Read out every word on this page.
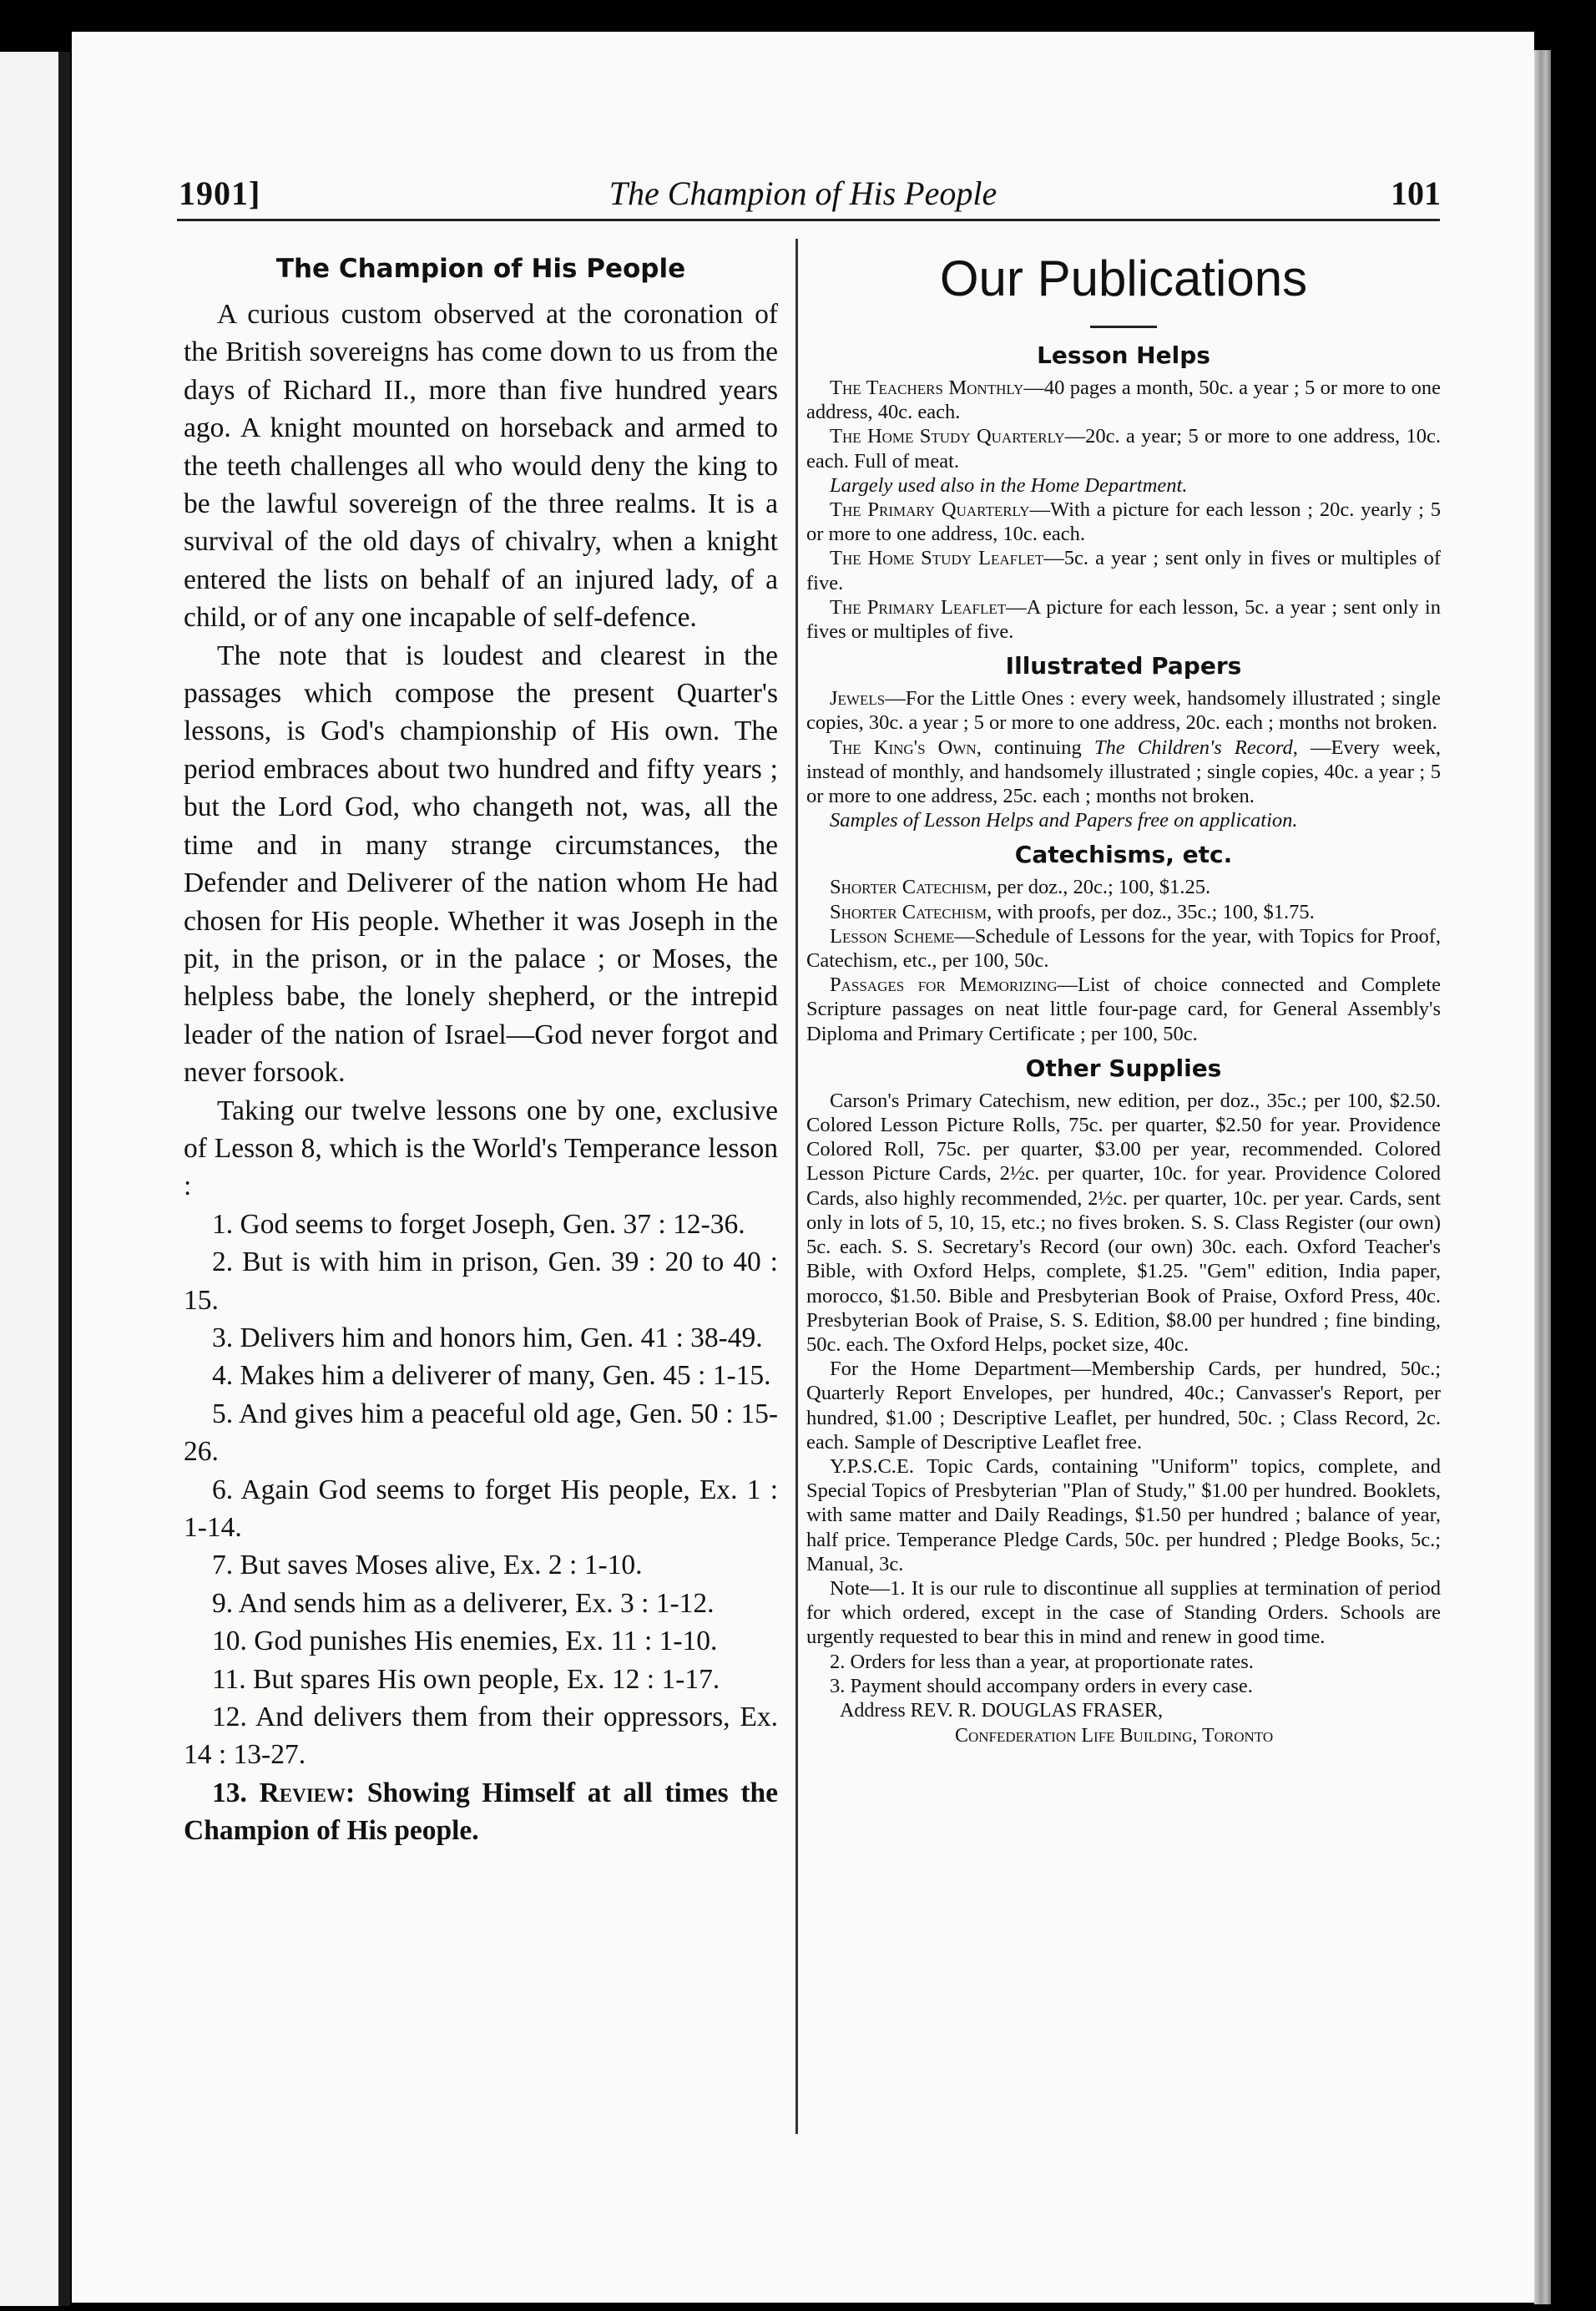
The Champion of His People
1901]	101
The Champion of His People

A curious custom observed at the coronation of the British sovereigns has come down to us from the days of Richard II., more than five hundred years ago. A knight mounted on horseback and armed to the teeth challenges all who would deny the king to be the lawful sovereign of the three realms. It is a survival of the old days of chivalry, when a knight entered the lists on behalf of an injured lady, of a child, or of any one incapable of self-defence.

The note that is loudest and clearest in the passages which compose the present Quarter's lessons, is God's championship of His own. The period embraces about two hundred and fifty years ; but the Lord God, who changeth not, was, all the time and in many strange circumstances, the Defender and Deliverer of the nation whom He had chosen for His people. Whether it was Joseph in the pit, in the prison, or in the palace ; or Moses, the helpless babe, the lonely shepherd, or the intrepid leader of the nation of Israel—God never forgot and never forsook.

Taking our twelve lessons one by one, exclusive of Lesson 8, which is the World's Temperance lesson :

1. God seems to forget Joseph, Gen. 37 : 12-36.

2. But is with him in prison, Gen. 39 : 20 to 40 : 15.

3. Delivers him and honors him, Gen. 41 : 38-49.

4. Makes him a deliverer of many, Gen. 45 : 1-15.

5. And gives him a peaceful old age, Gen. 50 : 15-26.

6. Again God seems to forget His people, Ex. 1 : 1-14.

7. But saves Moses alive, Ex. 2 : 1-10.

9. And sends him as a deliverer, Ex. 3 : 1-12.

10. God punishes His enemies, Ex. 11 : 1-10.

11. But spares His own people, Ex. 12 : 1-17.

12. And delivers them from their oppressors, Ex. 14 : 13-27.

13. Review: Showing Himself at all times the Champion of His people.

Our Publications
Lesson Helps

The Teachers Monthly—40 pages a month, 50c. a year ; 5 or more to one address, 40c. each.

The Home Study Quarterly—20c. a year; 5 or more to one address, 10c. each. Full of meat.

Largely used also in the Home Department.

The Primary Quarterly—With a picture for each lesson ; 20c. yearly ; 5 or more to one address, 10c. each.

The Home Study Leaflet—5c. a year ; sent only in fives or multiples of five.

The Primary Leaflet—A picture for each lesson, 5c. a year ; sent only in fives or multiples of five.

Illustrated Papers

Jewels—For the Little Ones : every week, handsomely illustrated ; single copies, 30c. a year ; 5 or more to one address, 20c. each ; months not broken.

The King's Own, continuing The Children's Record, —Every week, instead of monthly, and handsomely illustrated ; single copies, 40c. a year ; 5 or more to one address, 25c. each ; months not broken.

Samples of Lesson Helps and Papers free on application.

Catechisms, etc.

Shorter Catechism, per doz., 20c.; 100, $1.25.

Shorter Catechism, with proofs, per doz., 35c.; 100, $1.75.

Lesson Scheme—Schedule of Lessons for the year, with Topics for Proof, Catechism, etc., per 100, 50c.

Passages for Memorizing—List of choice connected and Complete Scripture passages on neat little four-page card, for General Assembly's Diploma and Primary Certificate ; per 100, 50c.

Other Supplies

Carson's Primary Catechism, new edition, per doz., 35c.; per 100, $2.50. Colored Lesson Picture Rolls, 75c. per quarter, $2.50 for year. Providence Colored Roll, 75c. per quarter, $3.00 per year, recommended. Colored Lesson Picture Cards, 2½c. per quarter, 10c. for year. Providence Colored Cards, also highly recommended, 2½c. per quarter, 10c. per year. Cards, sent only in lots of 5, 10, 15, etc.; no fives broken. S. S. Class Register (our own) 5c. each. S. S. Secretary's Record (our own) 30c. each. Oxford Teacher's Bible, with Oxford Helps, complete, $1.25. "Gem" edition, India paper, morocco, $1.50. Bible and Presbyterian Book of Praise, Oxford Press, 40c. Presbyterian Book of Praise, S. S. Edition, $8.00 per hundred ; fine binding, 50c. each. The Oxford Helps, pocket size, 40c.

For the Home Department—Membership Cards, per hundred, 50c.; Quarterly Report Envelopes, per hundred, 40c.; Canvasser's Report, per hundred, $1.00 ; Descriptive Leaflet, per hundred, 50c. ; Class Record, 2c. each. Sample of Descriptive Leaflet free.

Y.P.S.C.E. Topic Cards, containing "Uniform" topics, complete, and Special Topics of Presbyterian "Plan of Study," $1.00 per hundred. Booklets, with same matter and Daily Readings, $1.50 per hundred ; balance of year, half price. Temperance Pledge Cards, 50c. per hundred ; Pledge Books, 5c.; Manual, 3c.

Note—1. It is our rule to discontinue all supplies at termination of period for which ordered, except in the case of Standing Orders. Schools are urgently requested to bear this in mind and renew in good time.

2. Orders for less than a year, at proportionate rates.

3. Payment should accompany orders in every case.

Address REV. R. DOUGLAS FRASER,

Confederation Life Building, Toronto
